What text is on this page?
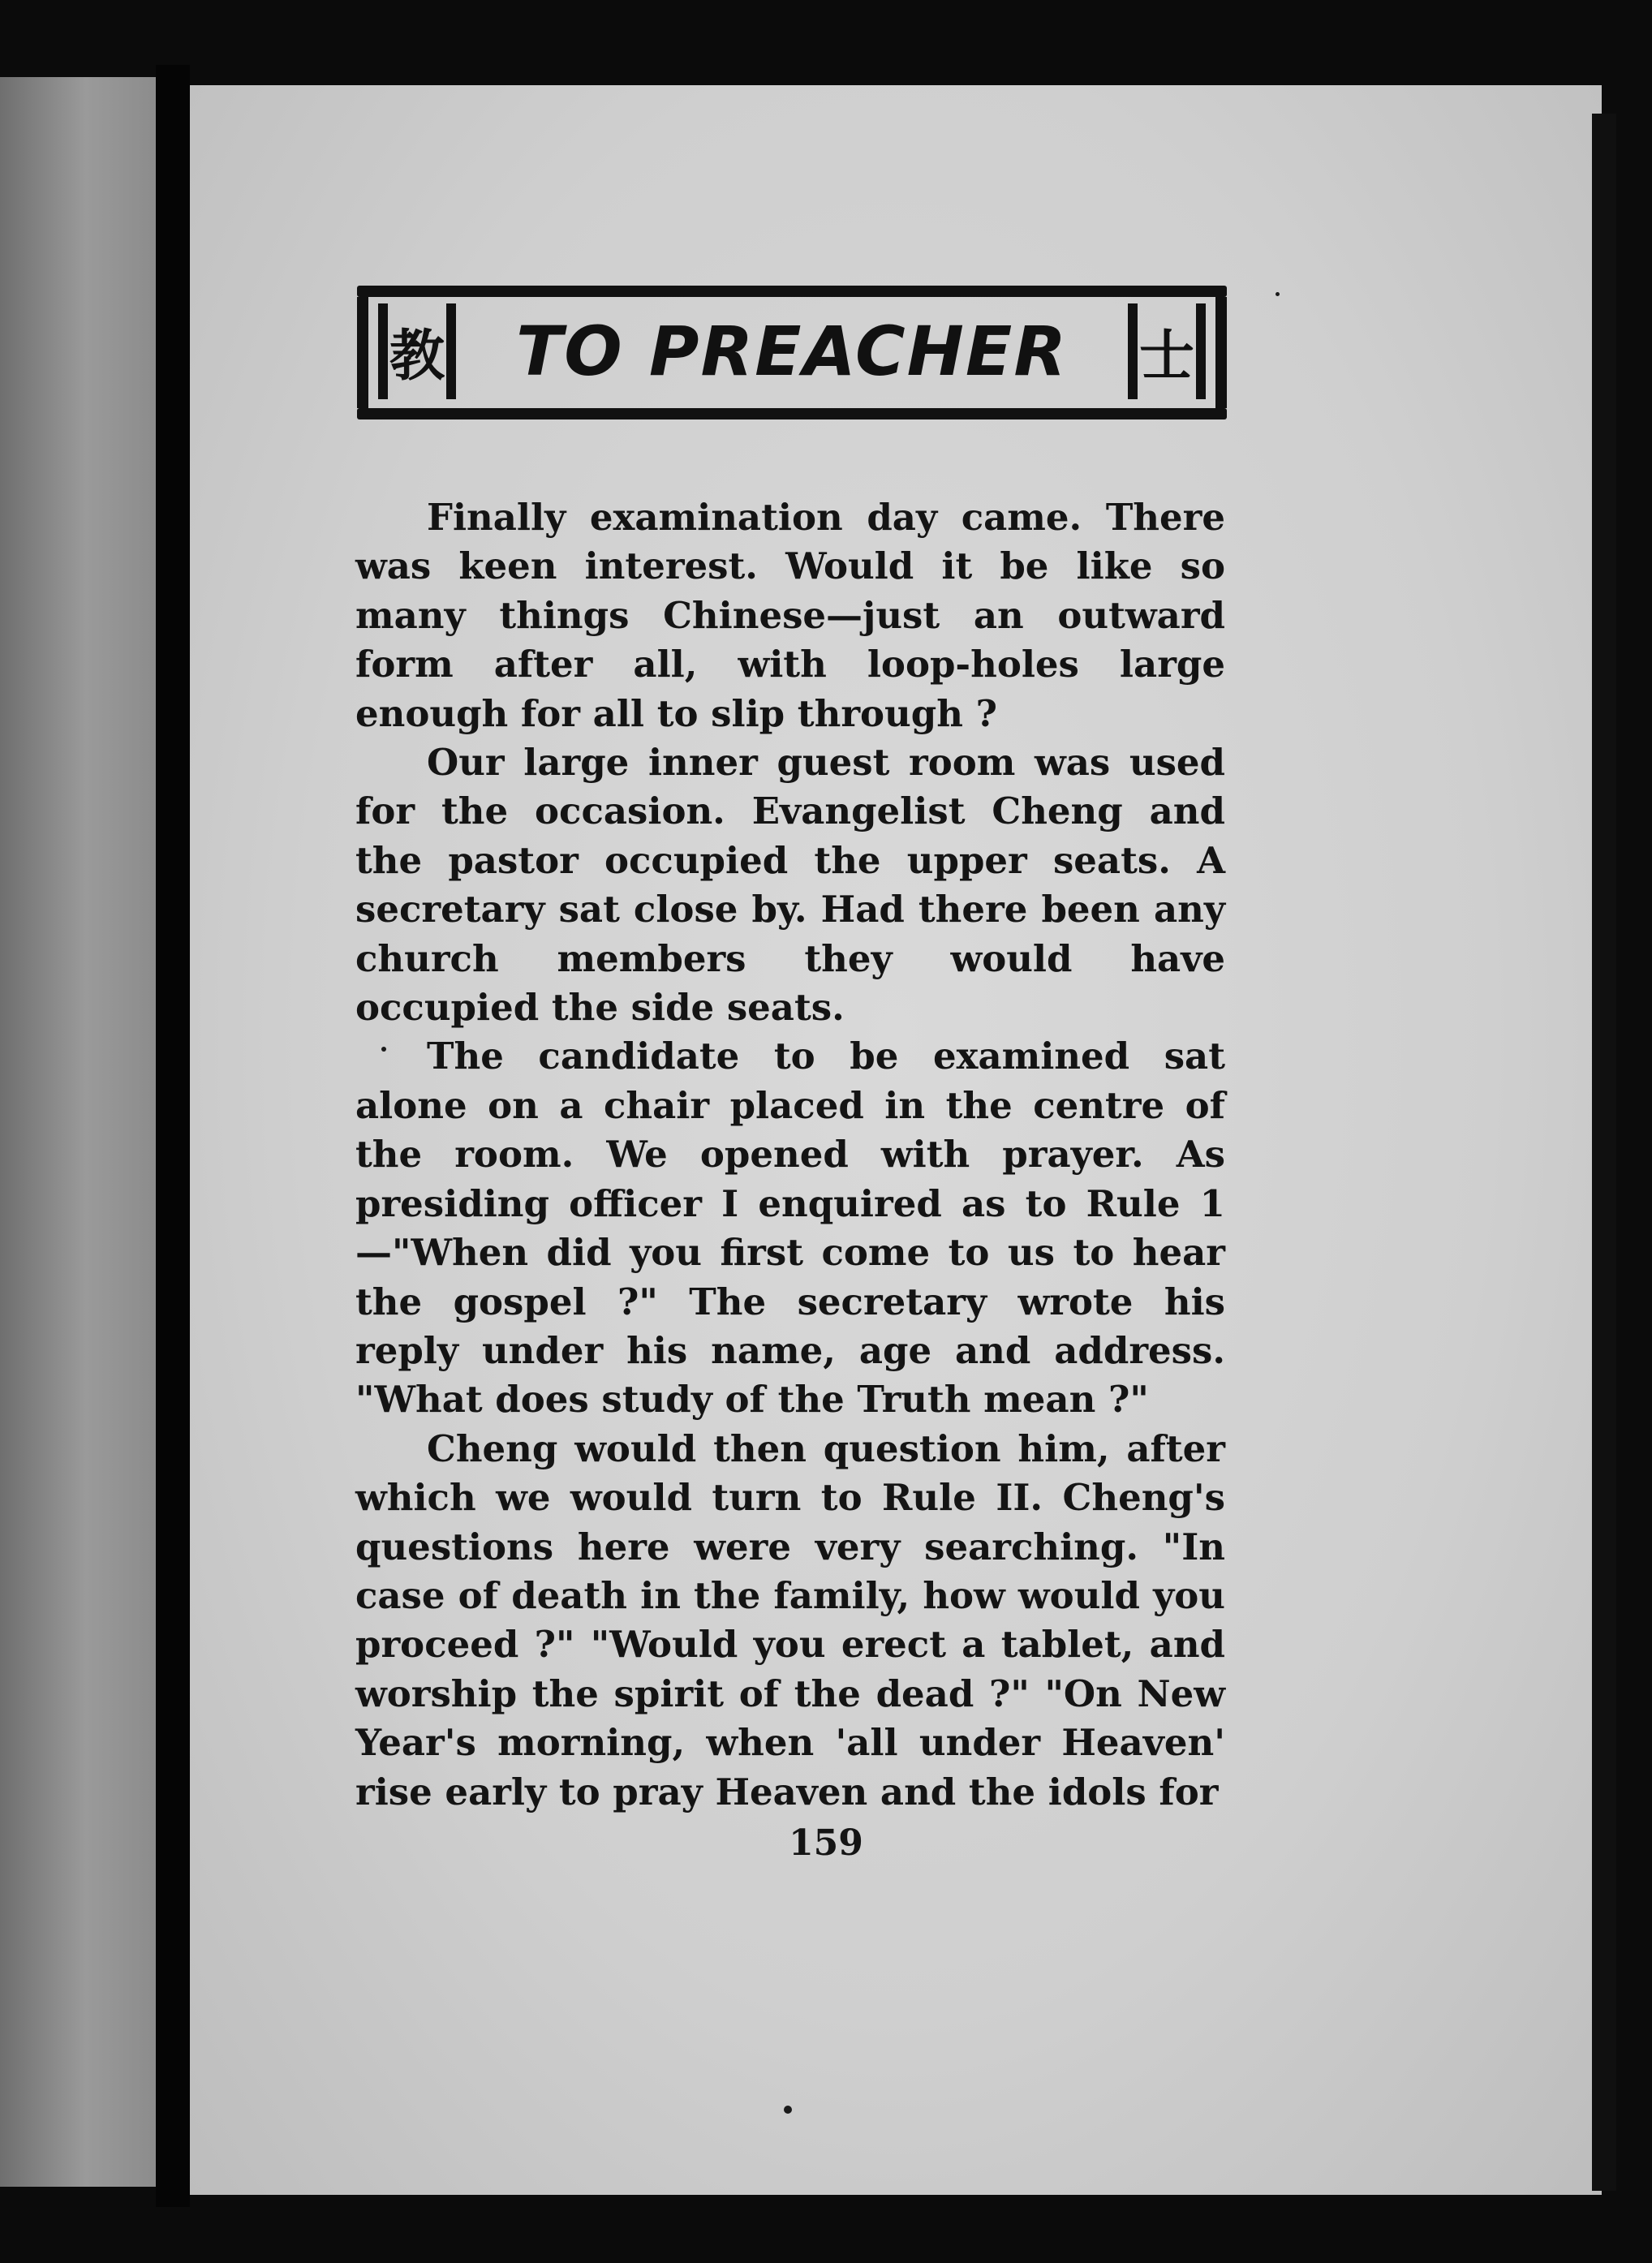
教	TO PREACHER	士

Finally examination day came. There was keen interest. Would it be like so many things Chinese—just an outward form after all, with loop-holes large enough for all to slip through ?

Our large inner guest room was used for the occasion. Evangelist Cheng and the pastor occupied the upper seats. A secretary sat close by. Had there been any church members they would have occupied the side seats.

The candidate to be examined sat alone on a chair placed in the centre of the room. We opened with prayer. As presiding officer I enquired as to Rule 1—"When did you first come to us to hear the gospel ?" The secretary wrote his reply under his name, age and address. "What does study of the Truth mean ?"

Cheng would then question him, after which we would turn to Rule II. Cheng's questions here were very searching. "In case of death in the family, how would you proceed ?" "Would you erect a tablet, and worship the spirit of the dead ?" "On New Year's morning, when 'all under Heaven' rise early to pray Heaven and the idols for

159
